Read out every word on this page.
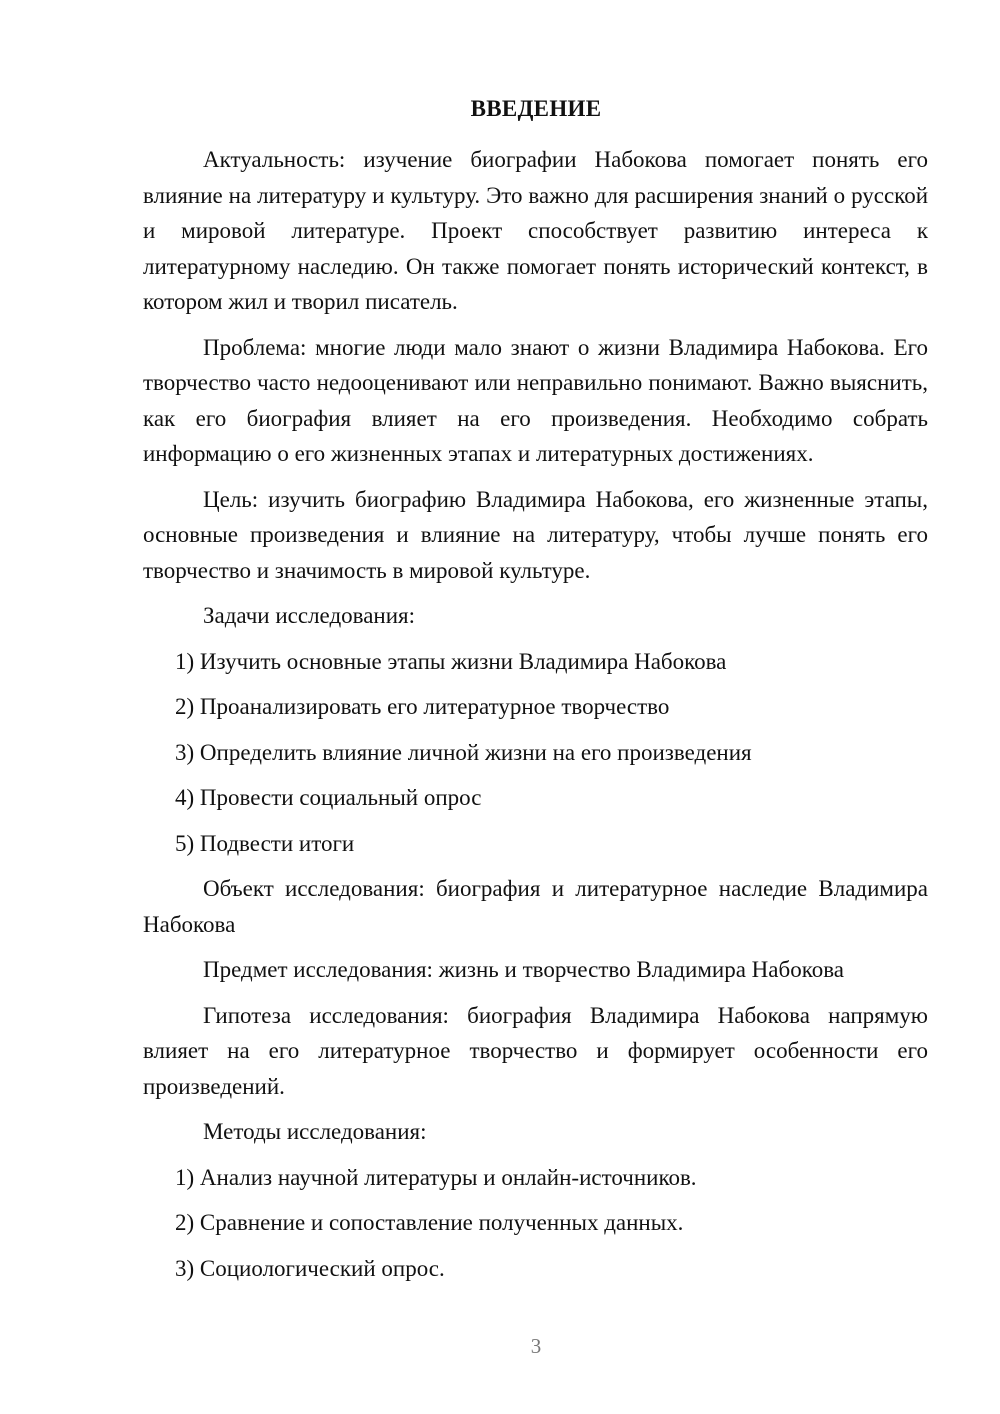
ВВЕДЕНИЕ

Актуальность: изучение биографии Набокова помогает понять его влияние на литературу и культуру. Это важно для расширения знаний о русской и мировой литературе. Проект способствует развитию интереса к литературному наследию. Он также помогает понять исторический контекст, в котором жил и творил писатель.

Проблема: многие люди мало знают о жизни Владимира Набокова. Его творчество часто недооценивают или неправильно понимают. Важно выяснить, как его биография влияет на его произведения. Необходимо собрать информацию о его жизненных этапах и литературных достижениях.

Цель: изучить биографию Владимира Набокова, его жизненные этапы, основные произведения и влияние на литературу, чтобы лучше понять его творчество и значимость в мировой культуре.

Задачи исследования:

1) Изучить основные этапы жизни Владимира Набокова
2) Проанализировать его литературное творчество
3) Определить влияние личной жизни на его произведения
4) Провести социальный опрос
5) Подвести итоги

Объект исследования: биография и литературное наследие Владимира Набокова

Предмет исследования: жизнь и творчество Владимира Набокова

Гипотеза исследования: биография Владимира Набокова напрямую влияет на его литературное творчество и формирует особенности его произведений.

Методы исследования:

1) Анализ научной литературы и онлайн-источников.
2) Сравнение и сопоставление полученных данных.
3) Социологический опрос.
3
